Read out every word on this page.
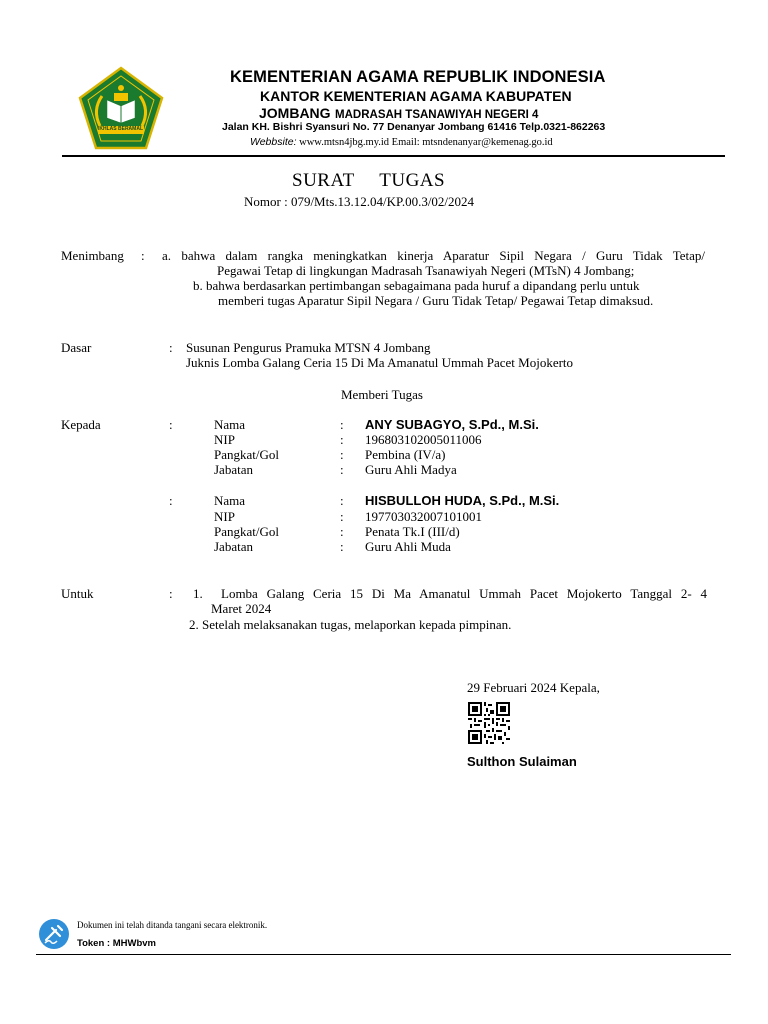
IKHLAS BERAMAL
KEMENTERIAN AGAMA REPUBLIK INDONESIA
KANTOR KEMENTERIAN AGAMA KABUPATEN
JOMBANG MADRASAH TSANAWIYAH NEGERI 4
Jalan KH. Bishri Syansuri No. 77 Denanyar Jombang 61416 Telp.0321-862263
Webbsite: www.mtsn4jbg.my.id Email: mtsndenanyar@kemenag.go.id
SURAT TUGAS
Nomor : 079/Mts.13.12.04/KP.00.3/02/2024
Menimbang : a. bahwa dalam rangka meningkatkan kinerja Aparatur Sipil Negara / Guru Tidak Tetap/
Pegawai Tetap di lingkungan Madrasah Tsanawiyah Negeri (MTsN) 4 Jombang;
b. bahwa berdasarkan pertimbangan sebagaimana pada huruf a dipandang perlu untuk
memberi tugas Aparatur Sipil Negara / Guru Tidak Tetap/ Pegawai Tetap dimaksud.
Dasar	: Susunan Pengurus Pramuka MTSN 4 Jombang
Juknis Lomba Galang Ceria 15 Di Ma Amanatul Ummah Pacet Mojokerto
Memberi Tugas
Kepada	:	Nama	: ANY SUBAGYO, S.Pd., M.Si.
NIP	: 196803102005011006
Pangkat/Gol	: Pembina (IV/a)
Jabatan	: Guru Ahli Madya
:	Nama	: HISBULLOH HUDA, S.Pd., M.Si.
NIP	: 197703032007101001
Pangkat/Gol	: Penata Tk.I (III/d)
Jabatan	: Guru Ahli Muda
Untuk	: 1. Lomba Galang Ceria 15 Di Ma Amanatul Ummah Pacet Mojokerto Tanggal 2- 4
Maret 2024
2. Setelah melaksanakan tugas, melaporkan kepada pimpinan.
29 Februari 2024 Kepala,
Sulthon Sulaiman
Dokumen ini telah ditanda tangani secara elektronik.
Token : MHWbvm
